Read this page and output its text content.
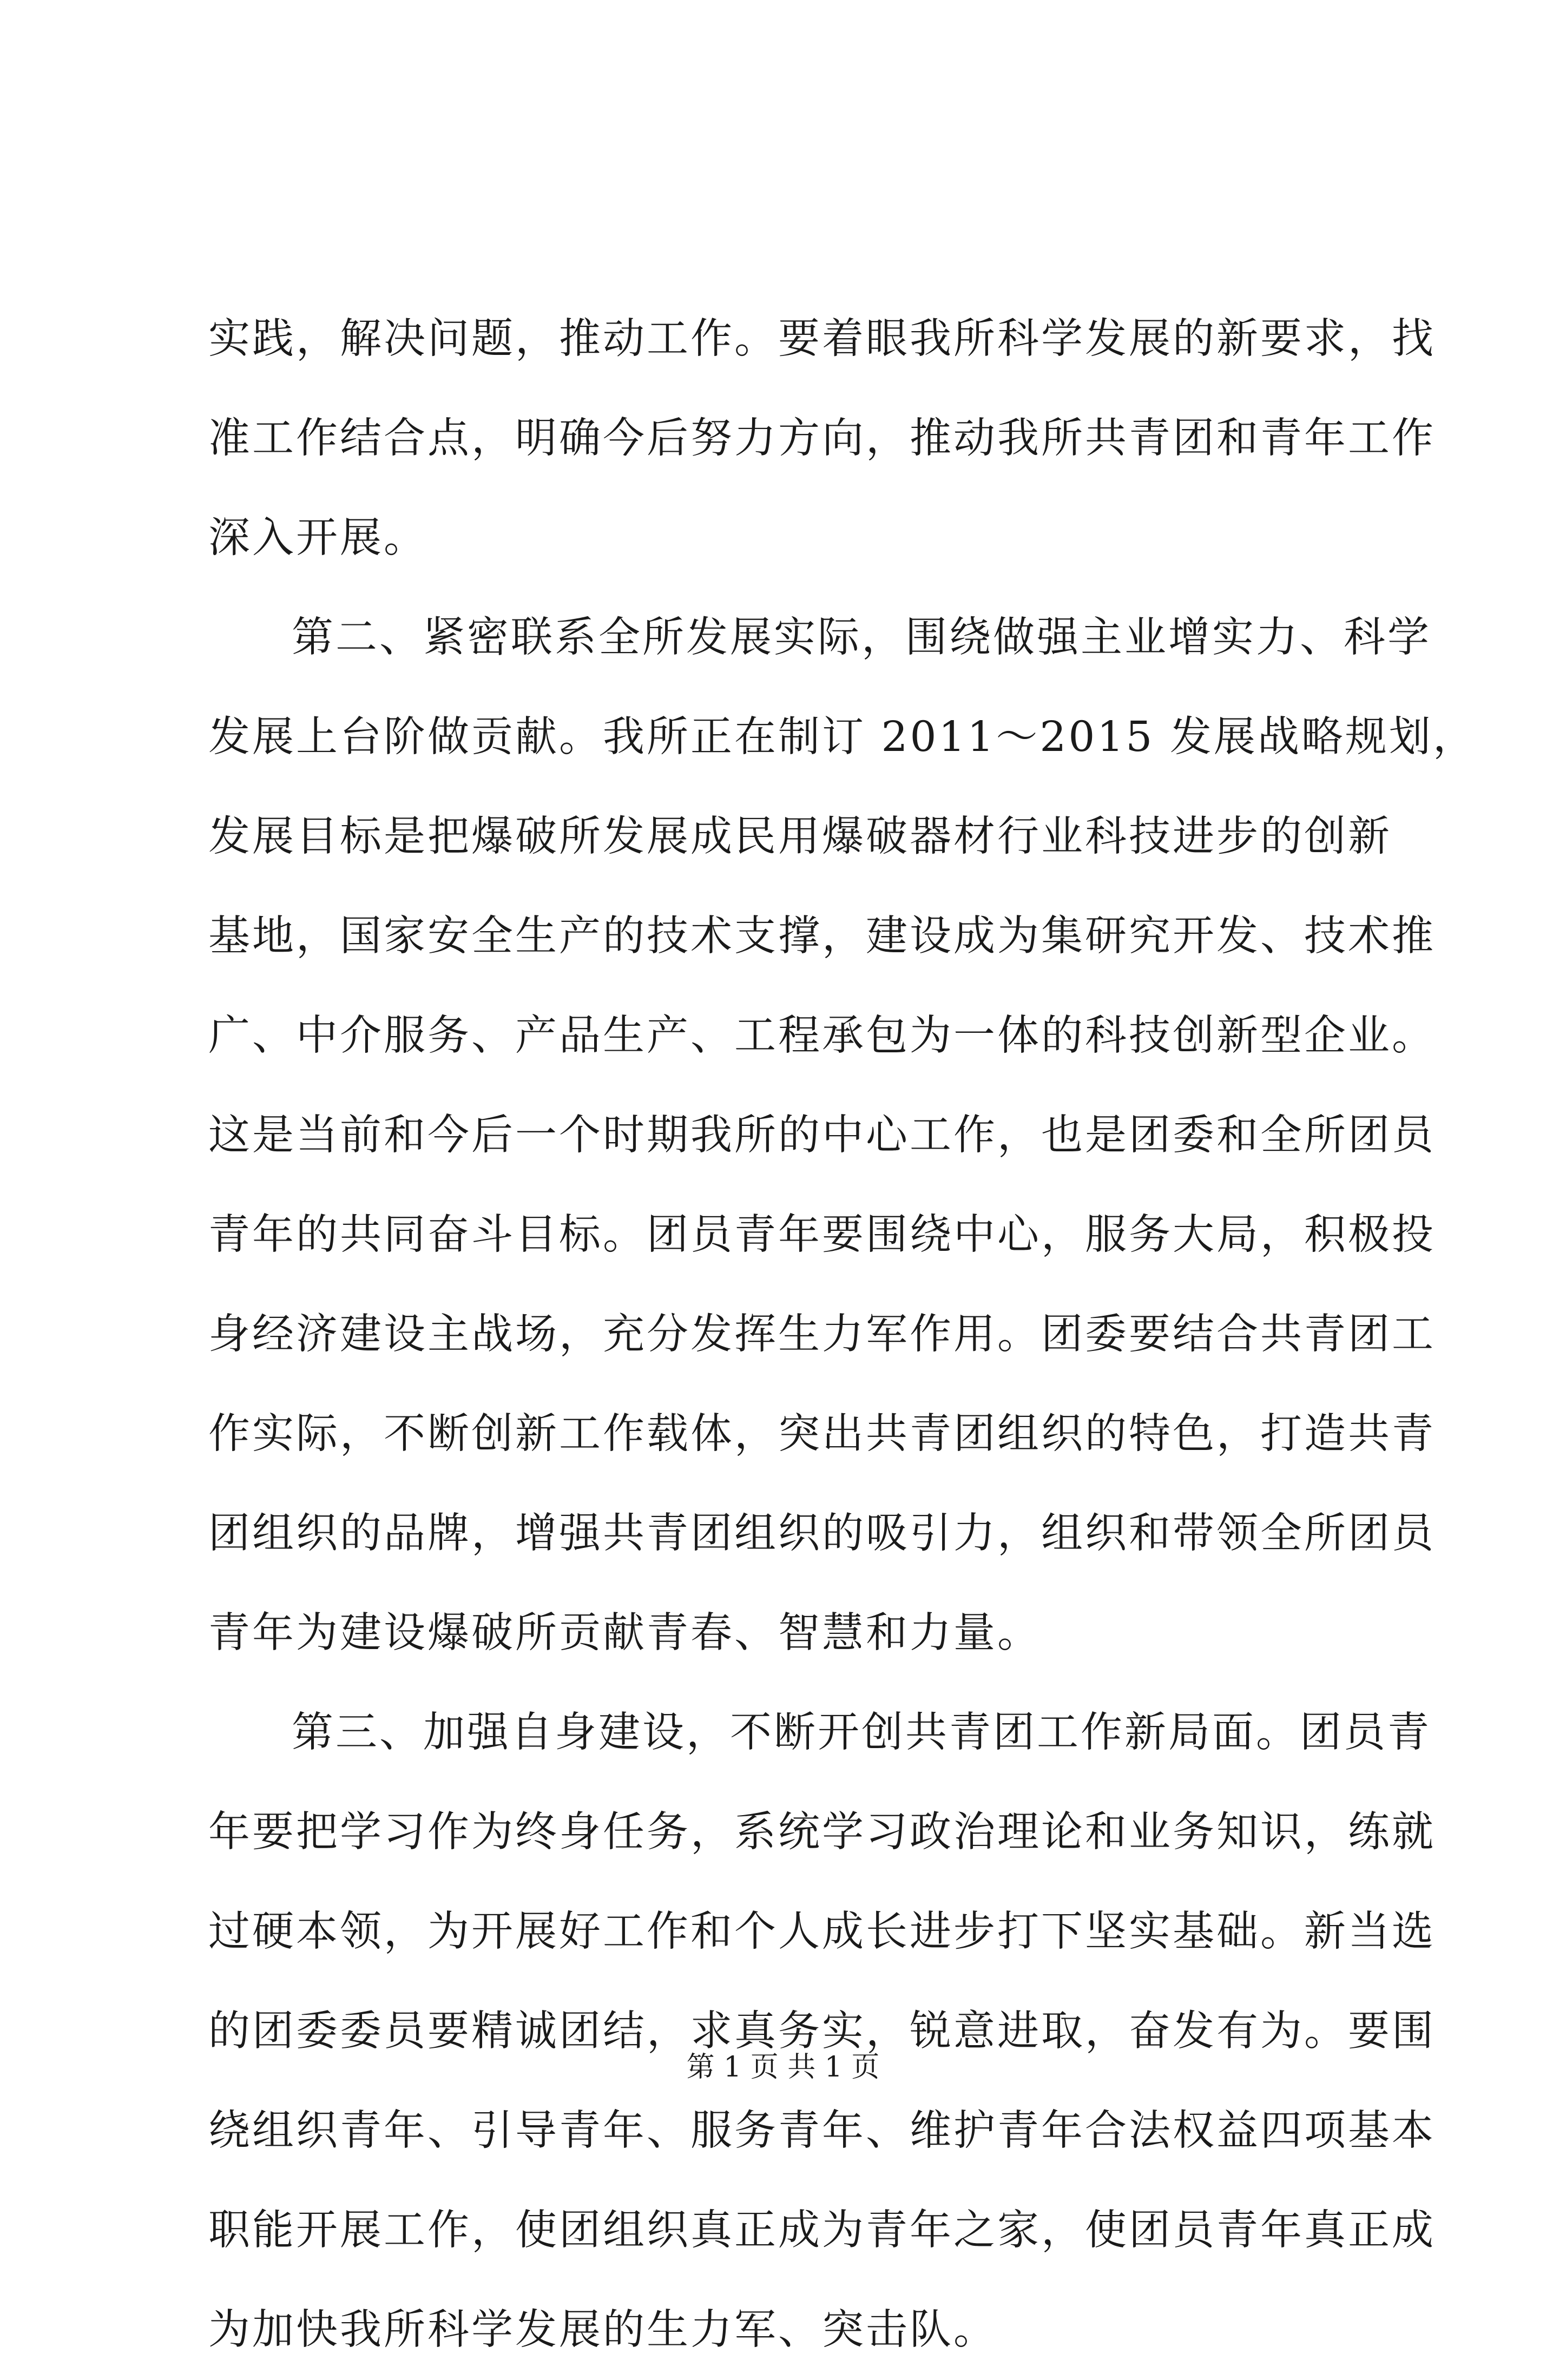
实践，解决问题，推动工作。要着眼我所科学发展的新要求，找
准工作结合点，明确今后努力方向，推动我所共青团和青年工作
深入开展。
第二、紧密联系全所发展实际，围绕做强主业增实力、科学
发展上台阶做贡献。我所正在制订 2011～2015 发展战略规划，
发展目标是把爆破所发展成民用爆破器材行业科技进步的创新
基地，国家安全生产的技术支撑，建设成为集研究开发、技术推
广、中介服务、产品生产、工程承包为一体的科技创新型企业。
这是当前和今后一个时期我所的中心工作，也是团委和全所团员
青年的共同奋斗目标。团员青年要围绕中心，服务大局，积极投
身经济建设主战场，充分发挥生力军作用。团委要结合共青团工
作实际，不断创新工作载体，突出共青团组织的特色，打造共青
团组织的品牌，增强共青团组织的吸引力，组织和带领全所团员
青年为建设爆破所贡献青春、智慧和力量。
第三、加强自身建设，不断开创共青团工作新局面。团员青
年要把学习作为终身任务，系统学习政治理论和业务知识，练就
过硬本领，为开展好工作和个人成长进步打下坚实基础。新当选
的团委委员要精诚团结，求真务实，锐意进取，奋发有为。要围
绕组织青年、引导青年、服务青年、维护青年合法权益四项基本
职能开展工作，使团组织真正成为青年之家，使团员青年真正成
为加快我所科学发展的生力军、突击队。
第 1 页 共 1 页
